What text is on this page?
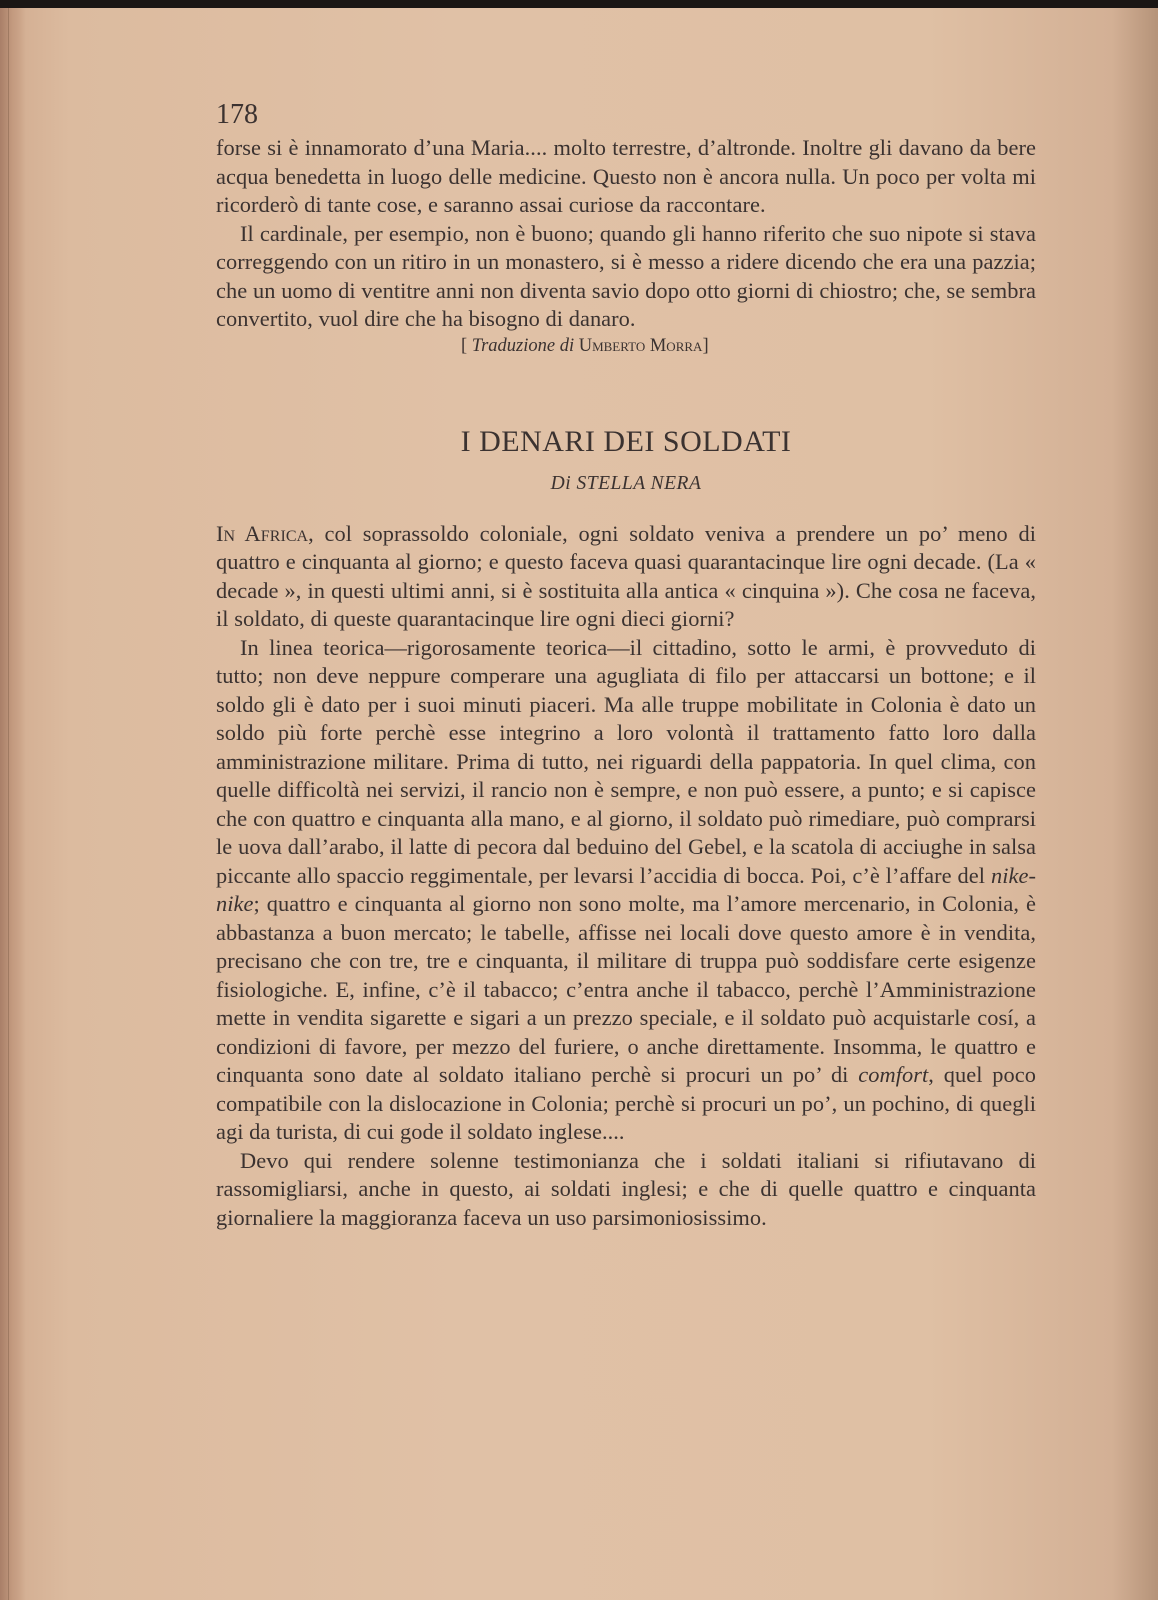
178

forse si è innamorato d’una Maria.... molto terrestre, d’altronde. Inoltre gli davano da bere acqua benedetta in luogo delle medicine. Questo non è ancora nulla. Un poco per volta mi ricorderò di tante cose, e saranno assai curiose da raccontare.

Il cardinale, per esempio, non è buono; quando gli hanno riferito che suo nipote si stava correggendo con un ritiro in un monastero, si è messo a ridere dicendo che era una pazzia; che un uomo di ventitre anni non diventa savio dopo otto giorni di chiostro; che, se sembra convertito, vuol dire che ha bisogno di danaro.

[ Traduzione di Umberto Morra]
I DENARI DEI SOLDATI
Di STELLA NERA

In Africa, col soprassoldo coloniale, ogni soldato veniva a prendere un po’ meno di quattro e cinquanta al giorno; e questo faceva quasi quarantacinque lire ogni decade. (La « decade », in questi ultimi anni, si è sostituita alla antica « cinquina »). Che cosa ne faceva, il soldato, di queste quarantacinque lire ogni dieci giorni?

In linea teorica—rigorosamente teorica—il cittadino, sotto le armi, è provveduto di tutto; non deve neppure comperare una agugliata di filo per attaccarsi un bottone; e il soldo gli è dato per i suoi minuti piaceri. Ma alle truppe mobilitate in Colonia è dato un soldo più forte perchè esse integrino a loro volontà il trattamento fatto loro dalla amministrazione militare. Prima di tutto, nei riguardi della pappatoria. In quel clima, con quelle difficoltà nei servizi, il rancio non è sempre, e non può essere, a punto; e si capisce che con quattro e cinquanta alla mano, e al giorno, il soldato può rimediare, può comprarsi le uova dall’arabo, il latte di pecora dal beduino del Gebel, e la scatola di acciughe in salsa piccante allo spaccio reggimentale, per levarsi l’accidia di bocca. Poi, c’è l’affare del nike-nike; quattro e cinquanta al giorno non sono molte, ma l’amore mercenario, in Colonia, è abbastanza a buon mercato; le tabelle, affisse nei locali dove questo amore è in vendita, precisano che con tre, tre e cinquanta, il militare di truppa può soddisfare certe esigenze fisiologiche. E, infine, c’è il tabacco; c’entra anche il tabacco, perchè l’Amministrazione mette in vendita sigarette e sigari a un prezzo speciale, e il soldato può acquistarle cosí, a condizioni di favore, per mezzo del furiere, o anche direttamente. Insomma, le quattro e cinquanta sono date al soldato italiano perchè si procuri un po’ di comfort, quel poco compatibile con la dislocazione in Colonia; perchè si procuri un po’, un pochino, di quegli agi da turista, di cui gode il soldato inglese....

Devo qui rendere solenne testimonianza che i soldati italiani si rifiutavano di rassomigliarsi, anche in questo, ai soldati inglesi; e che di quelle quattro e cinquanta giornaliere la maggioranza faceva un uso parsimoniosissimo.
